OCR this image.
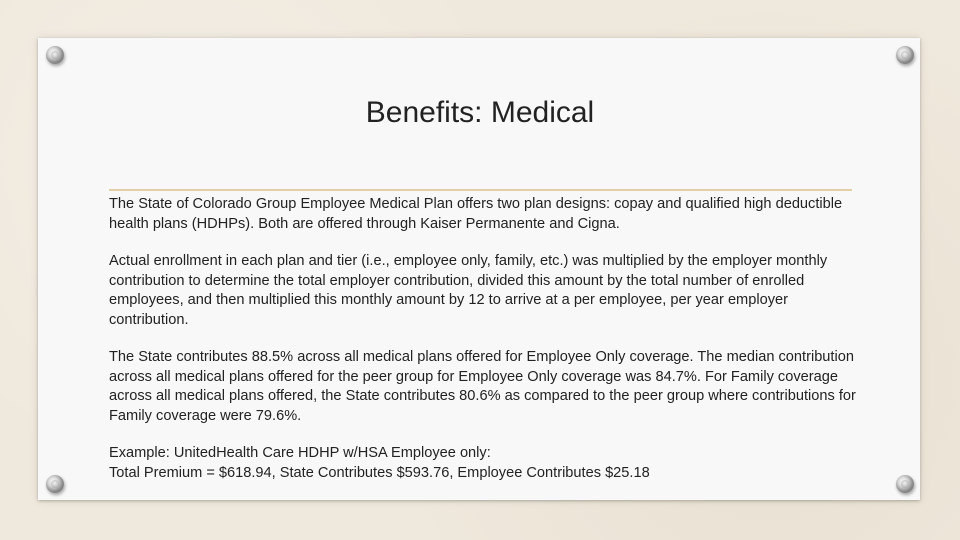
Benefits: Medical

The State of Colorado Group Employee Medical Plan offers two plan designs: copay and qualified high deductible health plans (HDHPs). Both are offered through Kaiser Permanente and Cigna.

Actual enrollment in each plan and tier (i.e., employee only, family, etc.) was multiplied by the employer monthly contribution to determine the total employer contribution, divided this amount by the total number of enrolled employees, and then multiplied this monthly amount by 12 to arrive at a per employee, per year employer contribution.

The State contributes 88.5% across all medical plans offered for Employee Only coverage. The median contribution across all medical plans offered for the peer group for Employee Only coverage was 84.7%. For Family coverage across all medical plans offered, the State contributes 80.6% as compared to the peer group where contributions for Family coverage were 79.6%.

Example: UnitedHealth Care HDHP w/HSA Employee only:

Total Premium = $618.94, State Contributes $593.76, Employee Contributes $25.18
